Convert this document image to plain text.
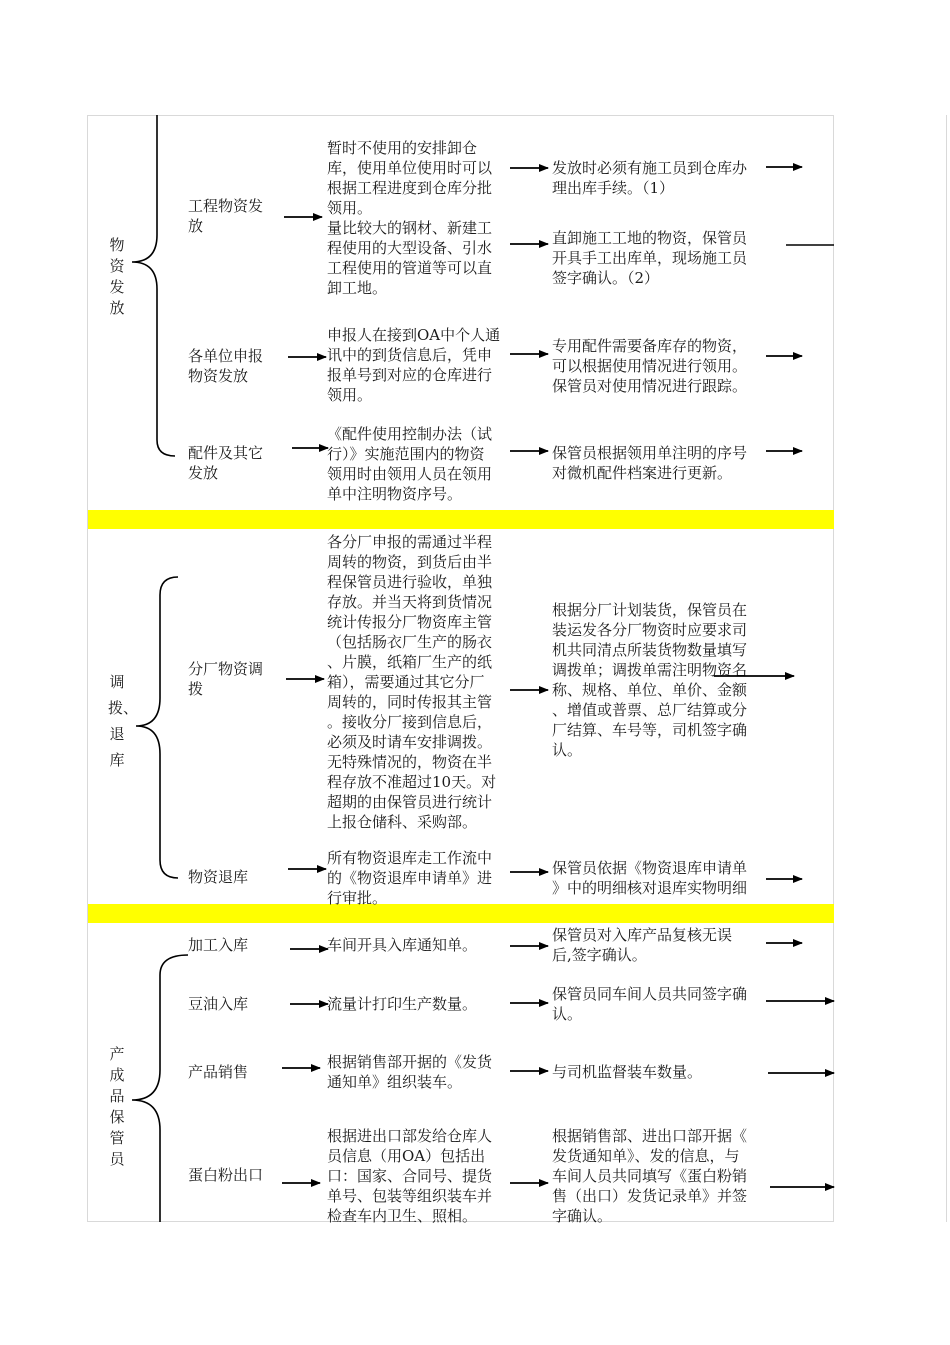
物资发放
调拨、退库
产成品保管员
工程物资发
放
暂时不使用的安排卸仓
库，使用单位使用时可以
根据工程进度到仓库分批
领用。
量比较大的钢材、新建工
程使用的大型设备、引水
工程使用的管道等可以直
卸工地。
发放时必须有施工员到仓库办
理出库手续。（1）
直卸施工工地的物资，保管员
开具手工出库单，现场施工员
签字确认。（2）
各单位申报
物资发放
申报人在接到OA中个人通
讯中的到货信息后，凭申
报单号到对应的仓库进行
领用。
专用配件需要备库存的物资，
可以根据使用情况进行领用。
保管员对使用情况进行跟踪。
配件及其它
发放
《配件使用控制办法（试
行）》实施范围内的物资
领用时由领用人员在领用
单中注明物资序号。
保管员根据领用单注明的序号
对微机配件档案进行更新。
分厂物资调
拨
各分厂申报的需通过半程
周转的物资，到货后由半
程保管员进行验收，单独
存放。并当天将到货情况
统计传报分厂物资库主管
（包括肠衣厂生产的肠衣
、片膜，纸箱厂生产的纸
箱），需要通过其它分厂
周转的，同时传报其主管
。接收分厂接到信息后，
必须及时请车安排调拨。
无特殊情况的，物资在半
程存放不准超过10天。对
超期的由保管员进行统计
上报仓储科、采购部。
根据分厂计划装货，保管员在
装运发各分厂物资时应要求司
机共同清点所装货物数量填写
调拨单；调拨单需注明物资名
称、规格、单位、单价、金额
、增值或普票、总厂结算或分
厂结算、车号等，司机签字确
认。
物资退库
所有物资退库走工作流中
的《物资退库申请单》进
行审批。
保管员依据《物资退库申请单
》中的明细核对退库实物明细
加工入库	车间开具入库通知单。
保管员对入库产品复核无误
后,签字确认。
豆油入库	流量计打印生产数量。
保管员同车间人员共同签字确
认。
产品销售
根据销售部开据的《发货
通知单》组织装车。
与司机监督装车数量。
蛋白粉出口
根据进出口部发给仓库人
员信息（用OA）包括出
口：国家、合同号、提货
单号、包装等组织装车并
检查车内卫生、照相。
根据销售部、进出口部开据《
发货通知单》、发的信息，与
车间人员共同填写《蛋白粉销
售（出口）发货记录单》并签
字确认。
